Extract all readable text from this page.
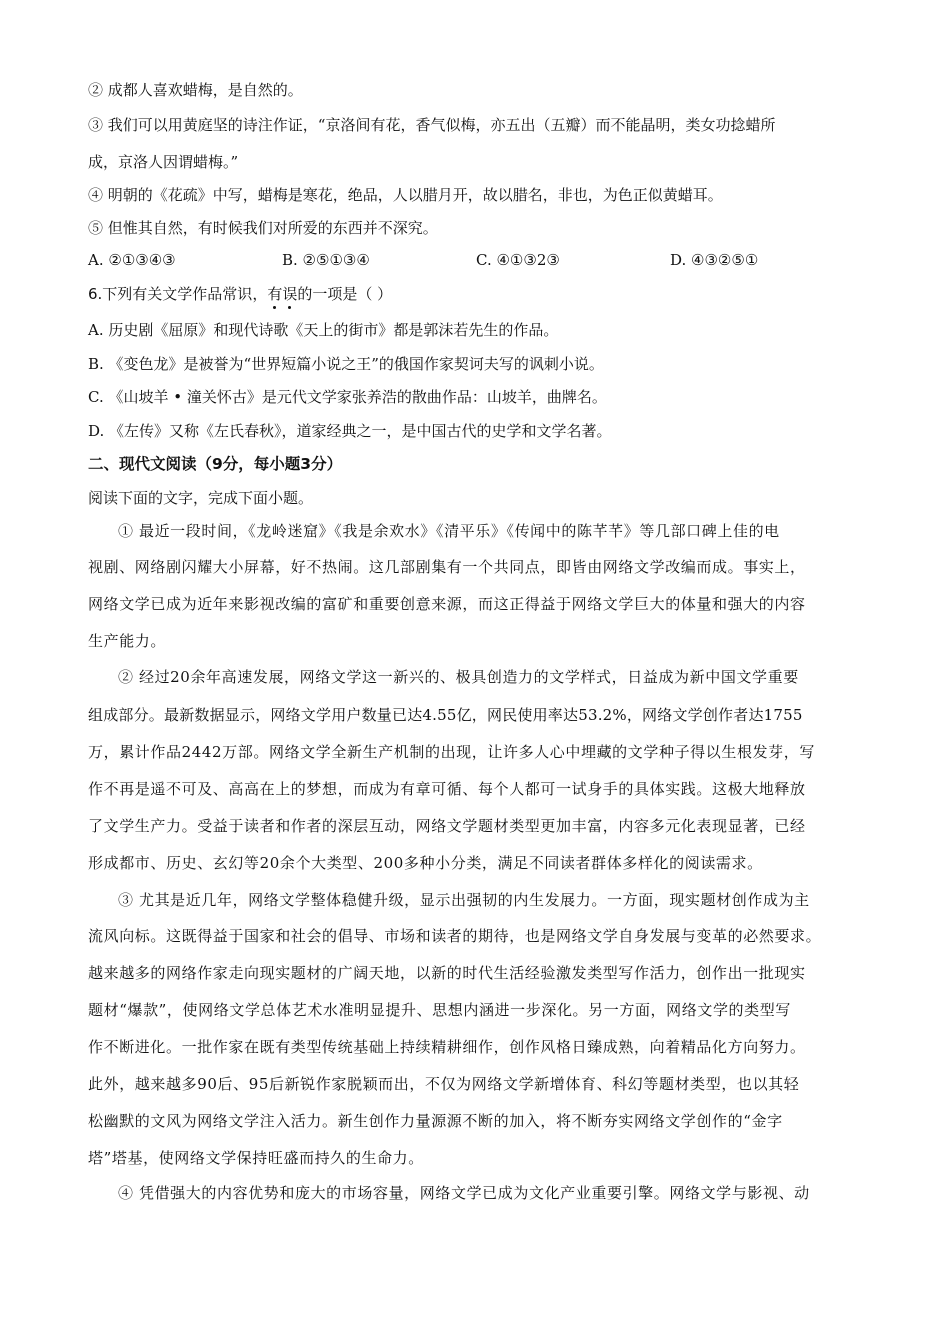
② 成都人喜欢蜡梅，是自然的。
③ 我们可以用黄庭坚的诗注作证，“京洛间有花，香气似梅，亦五出（五瓣）而不能晶明，类女功捻蜡所
成，京洛人因谓蜡梅。”
④ 明朝的《花疏》中写，蜡梅是寒花，绝品，人以腊月开，故以腊名，非也，为色正似黄蜡耳。
⑤ 但惟其自然，有时候我们对所爱的东西并不深究。
A. ②①③④③	B. ②⑤①③④	C. ④①③2③	D. ④③②⑤①
6.下列有关文学作品常识，有误的一项是（ ）
A. 历史剧《屈原》和现代诗歌《天上的街市》都是郭沫若先生的作品。
B. 《变色龙》是被誉为“世界短篇小说之王”的俄国作家契诃夫写的讽刺小说。
C. 《山坡羊 • 潼关怀古》是元代文学家张养浩的散曲作品：山坡羊，曲牌名。
D. 《左传》又称《左氏春秋》，道家经典之一，是中国古代的史学和文学名著。
二、现代文阅读（9分，每小题3分）
阅读下面的文字，完成下面小题。
① 最近一段时间，《龙岭迷窟》《我是余欢水》《清平乐》《传闻中的陈芊芊》等几部口碑上佳的电
视剧、网络剧闪耀大小屏幕，好不热闹。这几部剧集有一个共同点，即皆由网络文学改编而成。事实上，
网络文学已成为近年来影视改编的富矿和重要创意来源，而这正得益于网络文学巨大的体量和强大的内容
生产能力。
② 经过20余年高速发展，网络文学这一新兴的、极具创造力的文学样式，日益成为新中国文学重要
组成部分。最新数据显示，网络文学用户数量已达4.55亿，网民使用率达53.2%，网络文学创作者达1755
万，累计作品2442万部。网络文学全新生产机制的出现，让许多人心中埋藏的文学种子得以生根发芽，写
作不再是遥不可及、高高在上的梦想，而成为有章可循、每个人都可一试身手的具体实践。这极大地释放
了文学生产力。受益于读者和作者的深层互动，网络文学题材类型更加丰富，内容多元化表现显著，已经
形成都市、历史、玄幻等20余个大类型、200多种小分类，满足不同读者群体多样化的阅读需求。
③ 尤其是近几年，网络文学整体稳健升级，显示出强韧的内生发展力。一方面，现实题材创作成为主
流风向标。这既得益于国家和社会的倡导、市场和读者的期待，也是网络文学自身发展与变革的必然要求。
越来越多的网络作家走向现实题材的广阔天地，以新的时代生活经验激发类型写作活力，创作出一批现实
题材“爆款”，使网络文学总体艺术水准明显提升、思想内涵进一步深化。另一方面，网络文学的类型写
作不断进化。一批作家在既有类型传统基础上持续精耕细作，创作风格日臻成熟，向着精品化方向努力。
此外，越来越多90后、95后新锐作家脱颖而出，不仅为网络文学新增体育、科幻等题材类型，也以其轻
松幽默的文风为网络文学注入活力。新生创作力量源源不断的加入，将不断夯实网络文学创作的“金字
塔”塔基，使网络文学保持旺盛而持久的生命力。
④ 凭借强大的内容优势和庞大的市场容量，网络文学已成为文化产业重要引擎。网络文学与影视、动
